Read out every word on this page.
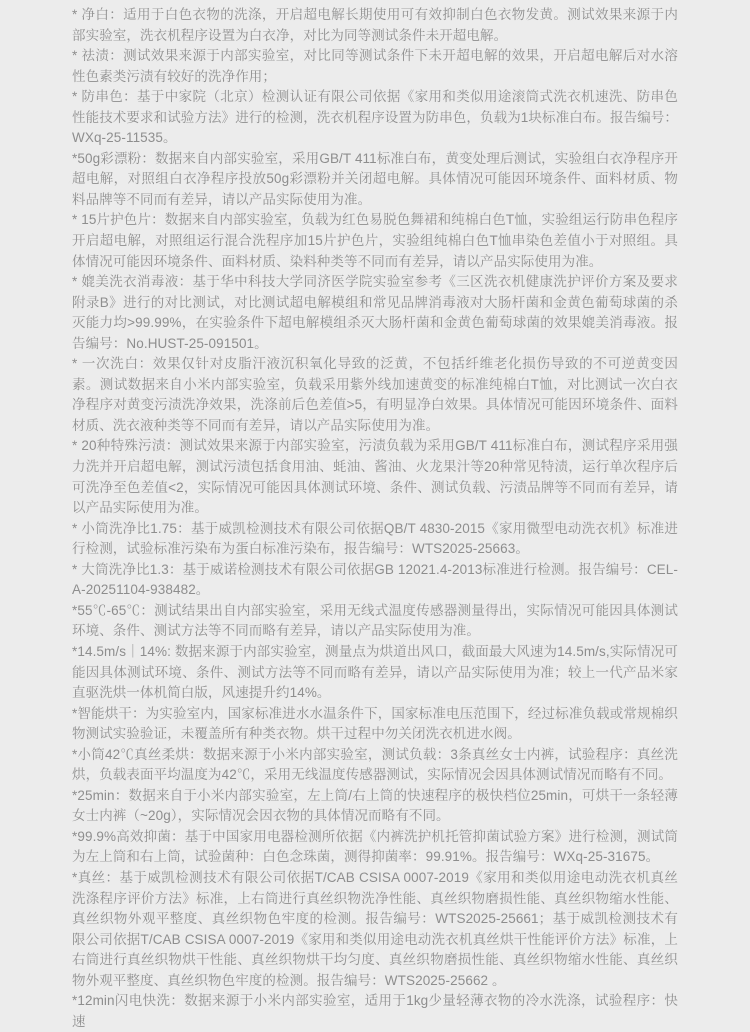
* 净白：适用于白色衣物的洗涤，开启超电解长期使用可有效抑制白色衣物发黄。测试效果来源于内部实验室，洗衣机程序设置为白衣净，对比为同等测试条件未开超电解。

* 祛渍：测试效果来源于内部实验室，对比同等测试条件下未开超电解的效果，开启超电解后对水溶性色素类污渍有较好的洗净作用；

* 防串色：基于中家院（北京）检测认证有限公司依据《家用和类似用途滚筒式洗衣机速洗、防串色性能技术要求和试验方法》进行的检测，洗衣机程序设置为防串色，负载为1块标准白布。报告编号：WXq-25-11535。

*50g彩漂粉：数据来自内部实验室，采用GB/T 411标准白布，黄变处理后测试，实验组白衣净程序开超电解，对照组白衣净程序投放50g彩漂粉并关闭超电解。具体情况可能因环境条件、面料材质、物料品牌等不同而有差异，请以产品实际使用为准。

* 15片护色片：数据来自内部实验室，负载为红色易脱色舞裙和纯棉白色T恤，实验组运行防串色程序开启超电解，对照组运行混合洗程序加15片护色片，实验组纯棉白色T恤串染色差值小于对照组。具体情况可能因环境条件、面料材质、染料种类等不同而有差异，请以产品实际使用为准。

* 媲美洗衣消毒液：基于华中科技大学同济医学院实验室参考《三区洗衣机健康洗护评价方案及要求 附录B》进行的对比测试，对比测试超电解模组和常见品牌消毒液对大肠杆菌和金黄色葡萄球菌的杀灭能力均>99.99%，在实验条件下超电解模组杀灭大肠杆菌和金黄色葡萄球菌的效果媲美消毒液。报告编号：No.HUST-25-091501。

* 一次洗白：效果仅针对皮脂汗液沉积氧化导致的泛黄，不包括纤维老化损伤导致的不可逆黄变因素。测试数据来自小米内部实验室，负载采用紫外线加速黄变的标准纯棉白T恤，对比测试一次白衣净程序对黄变污渍洗净效果，洗涤前后色差值>5，有明显净白效果。具体情况可能因环境条件、面料材质、洗衣液种类等不同而有差异，请以产品实际使用为准。

* 20种特殊污渍：测试效果来源于内部实验室，污渍负载为采用GB/T 411标准白布，测试程序采用强力洗并开启超电解，测试污渍包括食用油、蚝油、酱油、火龙果汁等20种常见特渍，运行单次程序后可洗净至色差值<2，实际情况可能因具体测试环境、条件、测试负载、污渍品牌等不同而有差异，请以产品实际使用为准。

* 小筒洗净比1.75：基于威凯检测技术有限公司依据QB/T 4830-2015《家用微型电动洗衣机》标准进行检测，试验标准污染布为蛋白标准污染布，报告编号：WTS2025-25663。

* 大筒洗净比1.3：基于威诺检测技术有限公司依据GB 12021.4-2013标准进行检测。报告编号：CEL-A-20251104-938482。

*55℃-65℃：测试结果出自内部实验室，采用无线式温度传感器测量得出，实际情况可能因具体测试环境、条件、测试方法等不同而略有差异，请以产品实际使用为准。

*14.5m/s｜14%: 数据来源于内部实验室，测量点为烘道出风口，截面最大风速为14.5m/s,实际情况可能因具体测试环境、条件、测试方法等不同而略有差异，请以产品实际使用为准；较上一代产品米家直驱洗烘一体机简白版，风速提升约14%。

*智能烘干：为实验室内，国家标准进水水温条件下，国家标准电压范围下，经过标准负载或常规棉织物测试实验验证，未覆盖所有种类衣物。烘干过程中勿关闭洗衣机进水阀。

*小筒42℃真丝柔烘：数据来源于小米内部实验室，测试负载：3条真丝女士内裤，试验程序：真丝洗烘，负载表面平均温度为42℃，采用无线温度传感器测试，实际情况会因具体测试情况而略有不同。

*25min：数据来自于小米内部实验室，左上筒/右上筒的快速程序的极快档位25min，可烘干一条轻薄女士内裤（~20g），实际情况会因衣物的具体情况而略有不同。

*99.9%高效抑菌：基于中国家用电器检测所依据《内裤洗护机托管抑菌试验方案》进行检测，测试筒为左上筒和右上筒，试验菌种：白色念珠菌，测得抑菌率：99.91%。报告编号：WXq-25-31675。

*真丝：基于威凯检测技术有限公司依据T/CAB CSISA 0007-2019《家用和类似用途电动洗衣机真丝洗涤程序评价方法》标准，上右筒进行真丝织物洗净性能、真丝织物磨损性能、真丝织物缩水性能、真丝织物外观平整度、真丝织物色牢度的检测。报告编号：WTS2025-25661；基于威凯检测技术有限公司依据T/CAB CSISA 0007-2019《家用和类似用途电动洗衣机真丝烘干性能评价方法》标准，上右筒进行真丝织物烘干性能、真丝织物烘干均匀度、真丝织物磨损性能、真丝织物缩水性能、真丝织物外观平整度、真丝织物色牢度的检测。报告编号：WTS2025-25662 。

*12min闪电快洗：数据来源于小米内部实验室，适用于1kg少量轻薄衣物的冷水洗涤，试验程序：快速
